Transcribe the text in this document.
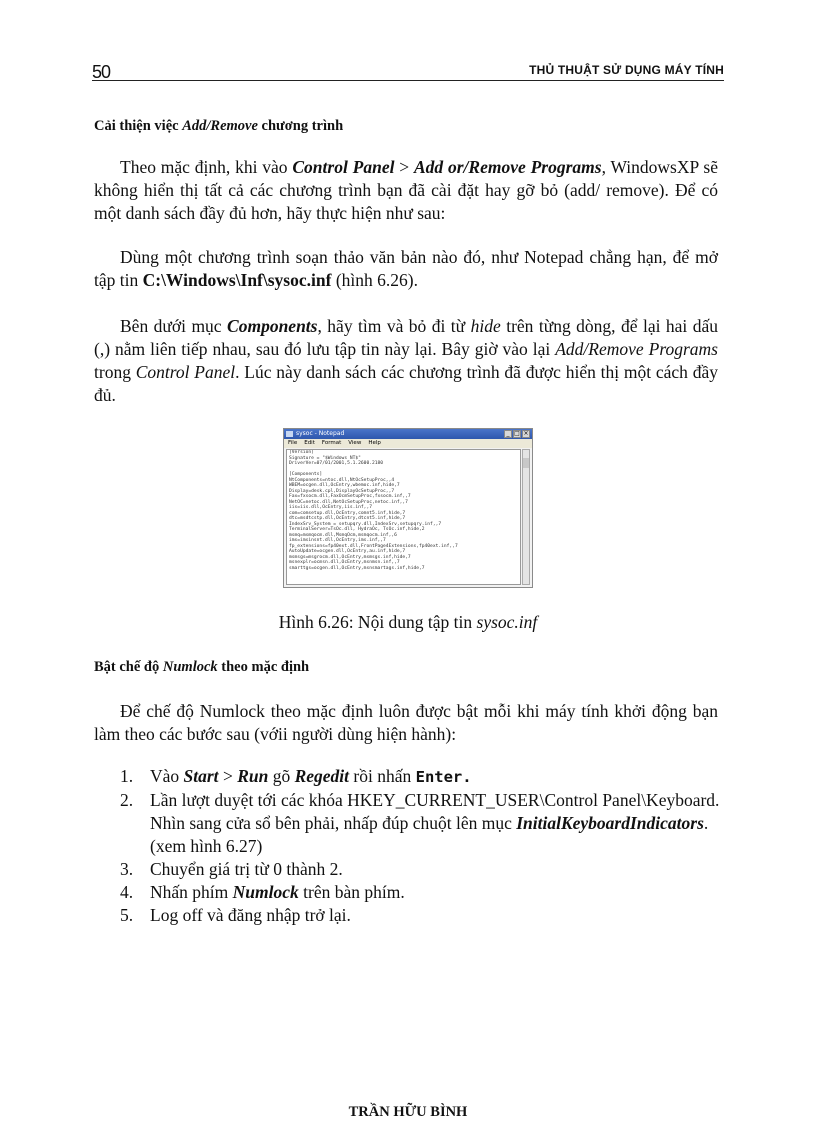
50	THỦ THUẬT SỬ DỤNG MÁY TÍNH
Cải thiện việc Add/Remove chương trình

Theo mặc định, khi vào Control Panel > Add or/Remove Programs, WindowsXP sẽ không hiển thị tất cả các chương trình bạn đã cài đặt hay gỡ bỏ (add/ remove). Để có một danh sách đầy đủ hơn, hãy thực hiện như sau:

Dùng một chương trình soạn thảo văn bản nào đó, như Notepad chẳng hạn, để mở tập tin C:\Windows\Inf\sysoc.inf (hình 6.26).

Bên dưới mục Components, hãy tìm và bỏ đi từ hide trên từng dòng, để lại hai dấu (,) nằm liên tiếp nhau, sau đó lưu tập tin này lại. Bây giờ vào lại Add/Remove Programs trong Control Panel. Lúc này danh sách các chương trình đã được hiển thị một cách đầy đủ.

sysoc - Notepad	_ □ ×
File Edit Format View Help
[Version]
Signature = "$Windows NT$"
DriverVer=07/01/2001,5.1.2600.2180

[Components]
NtComponents=ntoc.dll,NtOcSetupProc,,4
WBEM=ocgen.dll,OcEntry,wbemoc.inf,hide,7
Display=desk.cpl,DisplayOcSetupProc,,7
Fax=fxsocm.dll,FaxOcmSetupProc,fxsocm.inf,,7
NetOC=netoc.dll,NetOcSetupProc,netoc.inf,,7
iis=iis.dll,OcEntry,iis.inf,,7
com=comsetup.dll,OcEntry,comnt5.inf,hide,7
dtc=msdtcstp.dll,OcEntry,dtcnt5.inf,hide,7
IndexSrv_System = setupqry.dll,IndexSrv,setupqry.inf,,7
TerminalServer=TsOc.dll, HydraOc, TsOc.inf,hide,2
msmq=msmqocm.dll,MsmqOcm,msmqocm.inf,,6
ims=imsinsnt.dll,OcEntry,ims.inf,,7
fp_extensions=fp40ext.dll,FrontPage4Extensions,fp40ext.inf,,7
AutoUpdate=ocgen.dll,OcEntry,au.inf,hide,7
msmsgs=msgrocm.dll,OcEntry,msmsgs.inf,hide,7
msnexplr=ocmsn.dll,OcEntry,msnmsn.inf,,7
smarttgs=ocgen.dll,OcEntry,msnsmartags.inf,hide,7
Hình 6.26: Nội dung tập tin sysoc.inf
Bật chế độ Numlock theo mặc định

Để chế độ Numlock theo mặc định luôn được bật mỗi khi máy tính khởi động bạn làm theo các bước sau (vớii người dùng hiện hành):

1. Vào Start > Run gõ Regedit rồi nhấn Enter.
2. Lần lượt duyệt tới các khóa HKEY_CURRENT_USER\Control Panel\Keyboard. Nhìn sang cửa sổ bên phải, nhấp đúp chuột lên mục InitialKeyboardIndicators. (xem hình 6.27)
3. Chuyển giá trị từ 0 thành 2.
4. Nhấn phím Numlock trên bàn phím.
5. Log off và đăng nhập trở lại.
TRẦN HỮU BÌNH
